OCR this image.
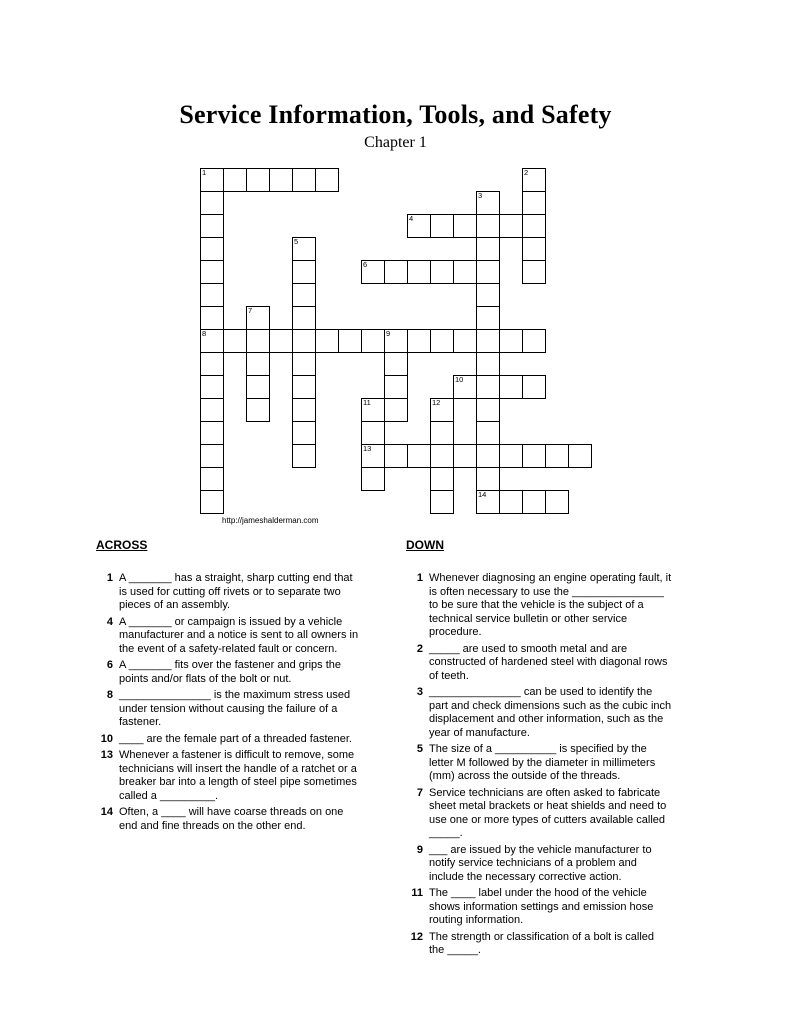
Service Information, Tools, and Safety
Chapter 1
1	2
3
4
5
6
7
8	9
10
11	12
13
14
http://jameshalderman.com
ACROSS
1 A _______ has a straight, sharp cutting end that is used for cutting off rivets or to separate two pieces of an assembly.
4 A _______ or campaign is issued by a vehicle manufacturer and a notice is sent to all owners in the event of a safety-related fault or concern.
6 A _______ fits over the fastener and grips the points and/or flats of the bolt or nut.
8 _______________ is the maximum stress used under tension without causing the failure of a fastener.
10 ____ are the female part of a threaded fastener.
13 Whenever a fastener is difficult to remove, some technicians will insert the handle of a ratchet or a breaker bar into a length of steel pipe sometimes called a _________.
14 Often, a ____ will have coarse threads on one end and fine threads on the other end.
DOWN
1 Whenever diagnosing an engine operating fault, it is often necessary to use the _______________ to be sure that the vehicle is the subject of a technical service bulletin or other service procedure.
2 _____ are used to smooth metal and are constructed of hardened steel with diagonal rows of teeth.
3 _______________ can be used to identify the part and check dimensions such as the cubic inch displacement and other information, such as the year of manufacture.
5 The size of a __________ is specified by the letter M followed by the diameter in millimeters (mm) across the outside of the threads.
7 Service technicians are often asked to fabricate sheet metal brackets or heat shields and need to use one or more types of cutters available called _____.
9 ___ are issued by the vehicle manufacturer to notify service technicians of a problem and include the necessary corrective action.
11 The ____ label under the hood of the vehicle shows information settings and emission hose routing information.
12 The strength or classification of a bolt is called the _____.
